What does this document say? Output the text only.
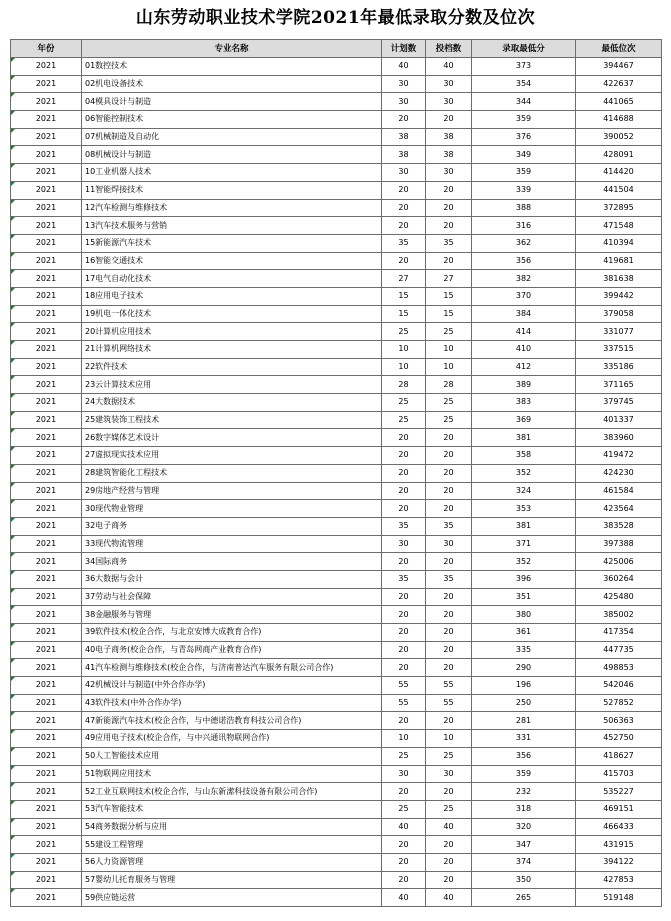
山东劳动职业技术学院2021年最低录取分数及位次
年份	专业名称	计划数	投档数	录取最低分	最低位次
2021	01数控技术	40	40	373	394467
2021	02机电设备技术	30	30	354	422637
2021	04模具设计与制造	30	30	344	441065
2021	06智能控制技术	20	20	359	414688
2021	07机械制造及自动化	38	38	376	390052
2021	08机械设计与制造	38	38	349	428091
2021	10工业机器人技术	30	30	359	414420
2021	11智能焊接技术	20	20	339	441504
2021	12汽车检测与维修技术	20	20	388	372895
2021	13汽车技术服务与营销	20	20	316	471548
2021	15新能源汽车技术	35	35	362	410394
2021	16智能交通技术	20	20	356	419681
2021	17电气自动化技术	27	27	382	381638
2021	18应用电子技术	15	15	370	399442
2021	19机电一体化技术	15	15	384	379058
2021	20计算机应用技术	25	25	414	331077
2021	21计算机网络技术	10	10	410	337515
2021	22软件技术	10	10	412	335186
2021	23云计算技术应用	28	28	389	371165
2021	24大数据技术	25	25	383	379745
2021	25建筑装饰工程技术	25	25	369	401337
2021	26数字媒体艺术设计	20	20	381	383960
2021	27虚拟现实技术应用	20	20	358	419472
2021	28建筑智能化工程技术	20	20	352	424230
2021	29房地产经营与管理	20	20	324	461584
2021	30现代物业管理	20	20	353	423564
2021	32电子商务	35	35	381	383528
2021	33现代物流管理	30	30	371	397388
2021	34国际商务	20	20	352	425006
2021	36大数据与会计	35	35	396	360264
2021	37劳动与社会保障	20	20	351	425480
2021	38金融服务与管理	20	20	380	385002
2021	39软件技术(校企合作，与北京安博大成教育合作)	20	20	361	417354
2021	40电子商务(校企合作，与青岛网商产业教育合作)	20	20	335	447735
2021	41汽车检测与维修技术(校企合作，与济南普达汽车服务有限公司合作)	20	20	290	498853
2021	42机械设计与制造(中外合作办学)	55	55	196	542046
2021	43软件技术(中外合作办学)	55	55	250	527852
2021	47新能源汽车技术(校企合作，与中德诺浩教育科技公司合作)	20	20	281	506363
2021	49应用电子技术(校企合作，与中兴通讯物联网合作)	10	10	331	452750
2021	50人工智能技术应用	25	25	356	418627
2021	51物联网应用技术	30	30	359	415703
2021	52工业互联网技术(校企合作，与山东新潆科技设备有限公司合作)	20	20	232	535227
2021	53汽车智能技术	25	25	318	469151
2021	54商务数据分析与应用	40	40	320	466433
2021	55建设工程管理	20	20	347	431915
2021	56人力资源管理	20	20	374	394122
2021	57婴幼儿托育服务与管理	20	20	350	427853
2021	59供应链运营	40	40	265	519148
